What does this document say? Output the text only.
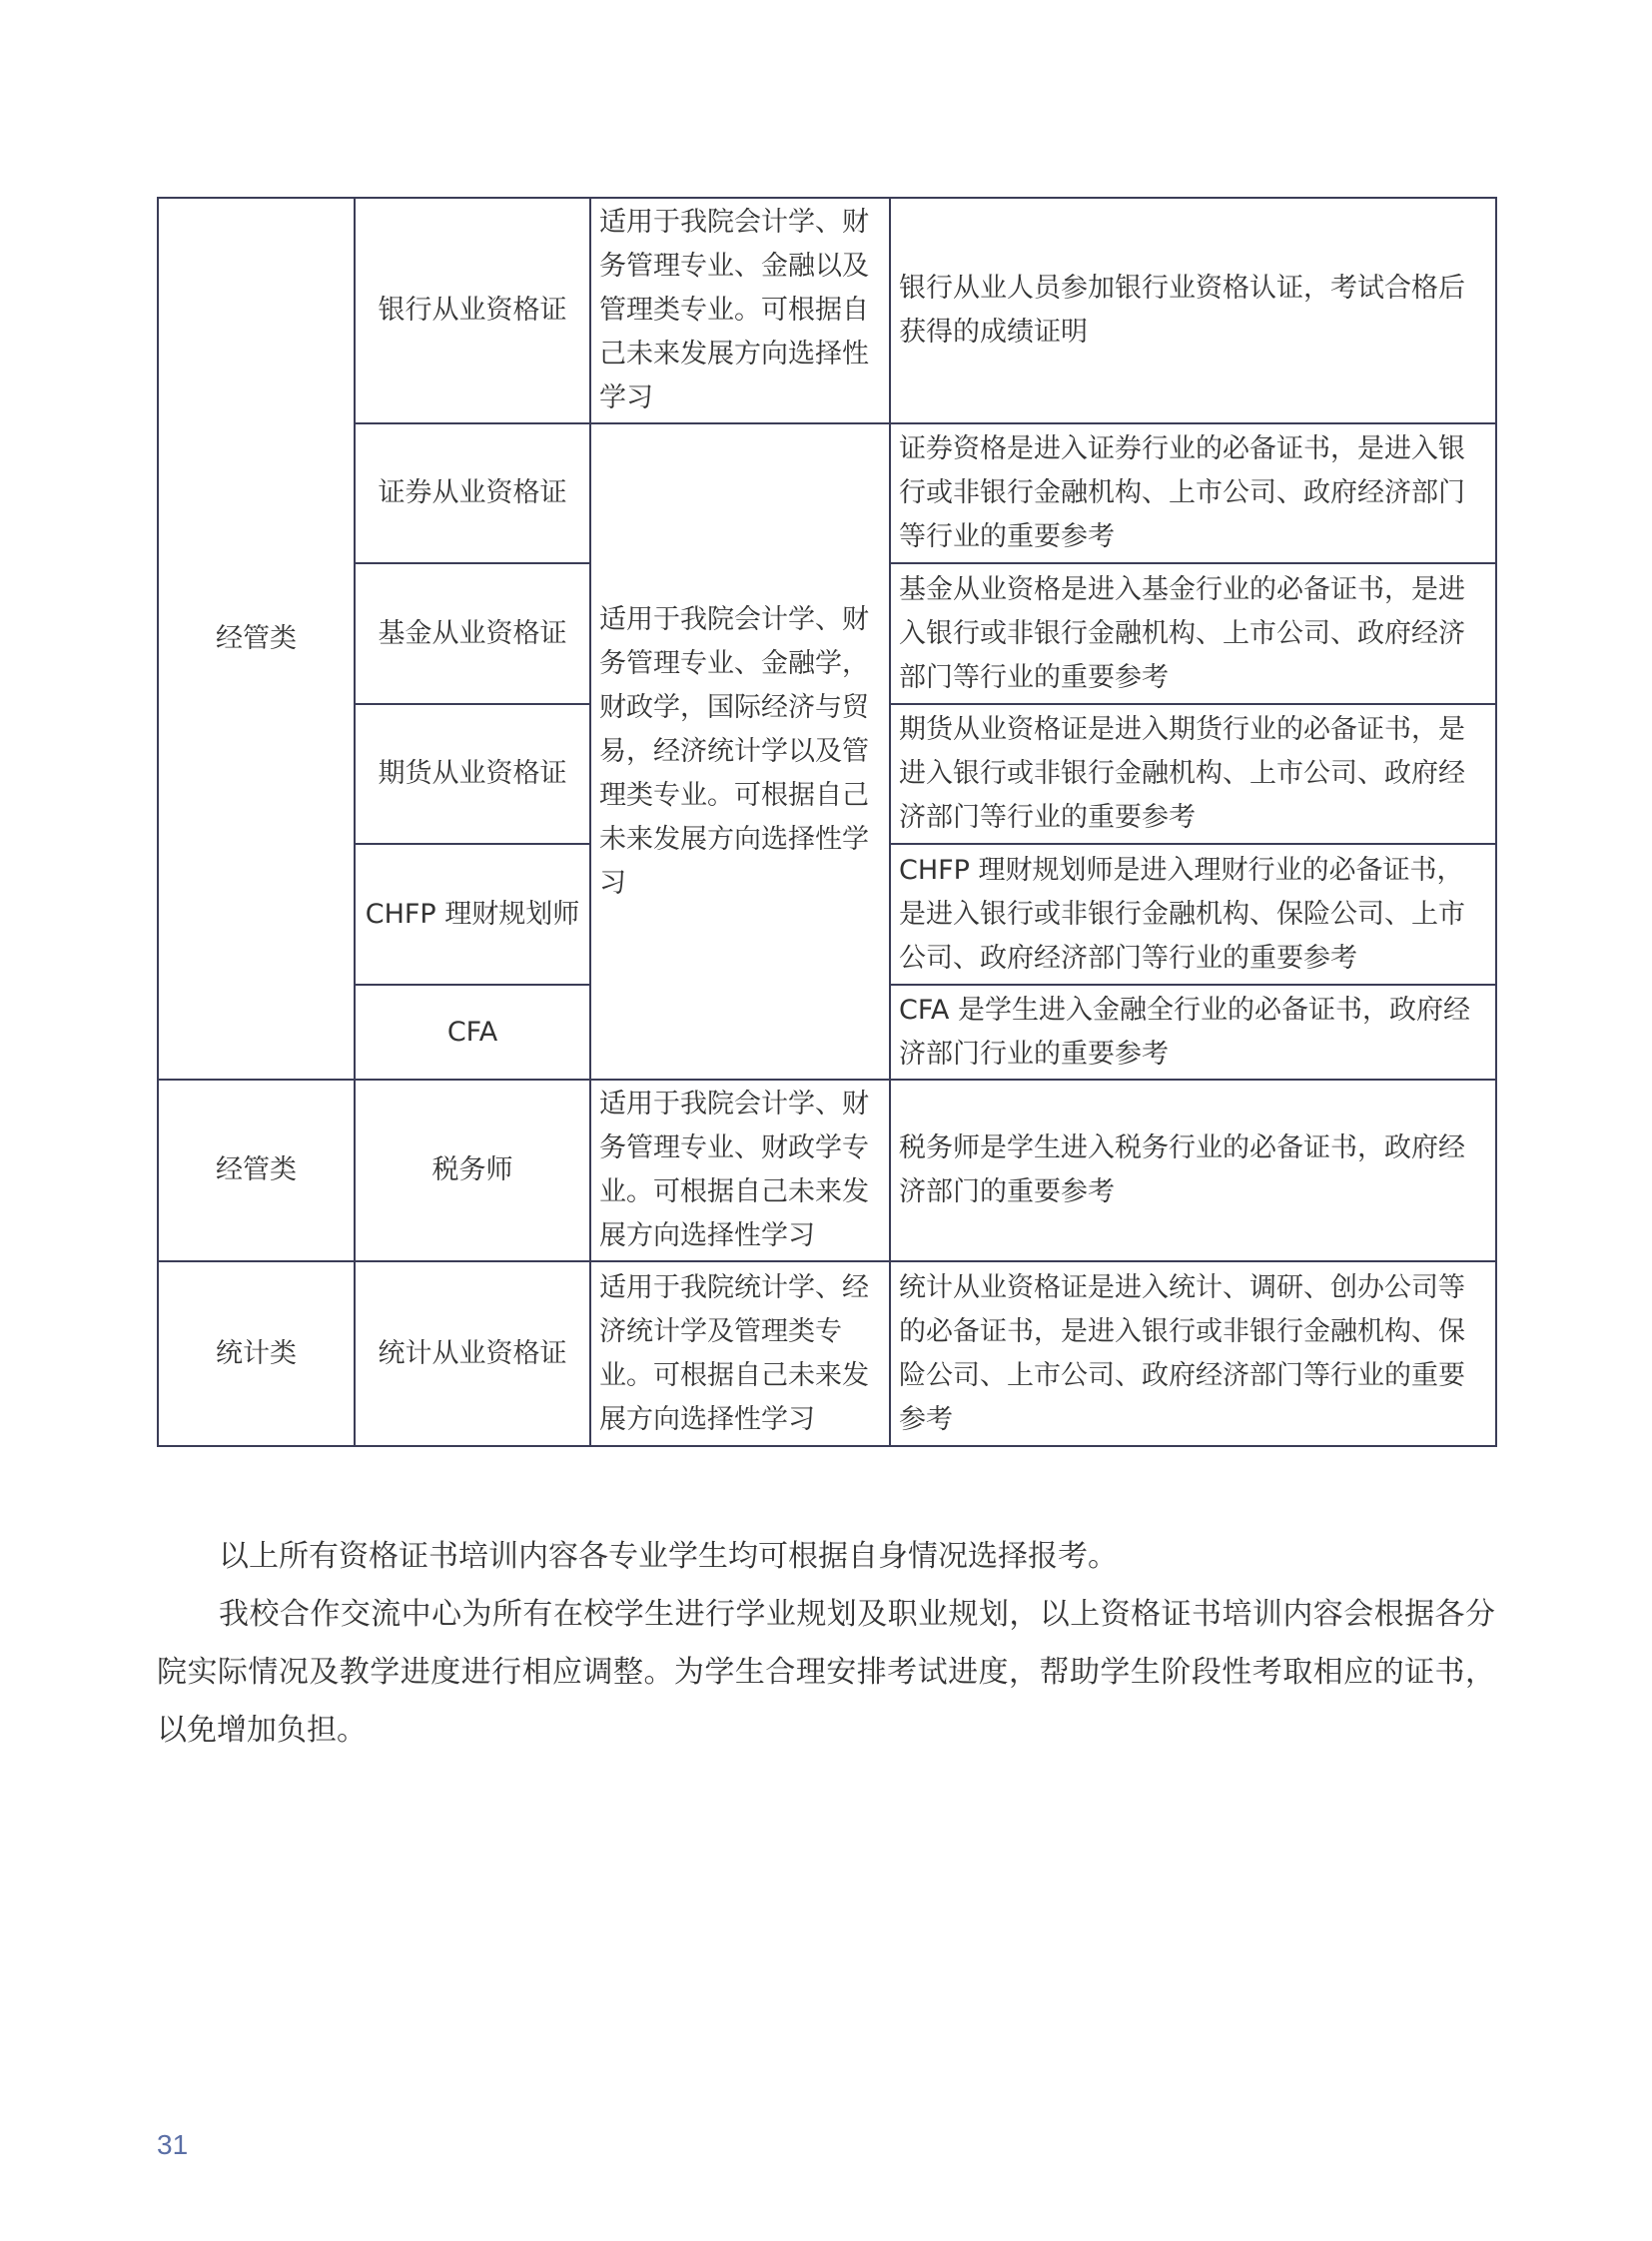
经管类	银行从业资格证	适用于我院会计学、财务管理专业、金融以及管理类专业。可根据自己未来发展方向选择性学习	银行从业人员参加银行业资格认证，考试合格后获得的成绩证明
	证券从业资格证	适用于我院会计学、财务管理专业、金融学，财政学，国际经济与贸易，经济统计学以及管理类专业。可根据自己未来发展方向选择性学习	证券资格是进入证券行业的必备证书，是进入银行或非银行金融机构、上市公司、政府经济部门等行业的重要参考
	基金从业资格证		基金从业资格是进入基金行业的必备证书，是进入银行或非银行金融机构、上市公司、政府经济部门等行业的重要参考
	期货从业资格证		期货从业资格证是进入期货行业的必备证书，是进入银行或非银行金融机构、上市公司、政府经济部门等行业的重要参考
	CHFP 理财规划师		CHFP 理财规划师是进入理财行业的必备证书，是进入银行或非银行金融机构、保险公司、上市公司、政府经济部门等行业的重要参考
	CFA		CFA 是学生进入金融全行业的必备证书，政府经济部门行业的重要参考
经管类	税务师	适用于我院会计学、财务管理专业、财政学专业。可根据自己未来发展方向选择性学习	税务师是学生进入税务行业的必备证书，政府经济部门的重要参考
统计类	统计从业资格证	适用于我院统计学、经济统计学及管理类专业。可根据自己未来发展方向选择性学习	统计从业资格证是进入统计、调研、创办公司等的必备证书，是进入银行或非银行金融机构、保险公司、上市公司、政府经济部门等行业的重要参考

以上所有资格证书培训内容各专业学生均可根据自身情况选择报考。

我校合作交流中心为所有在校学生进行学业规划及职业规划，以上资格证书培训内容会根据各分院实际情况及教学进度进行相应调整。为学生合理安排考试进度，帮助学生阶段性考取相应的证书，以免增加负担。

31
